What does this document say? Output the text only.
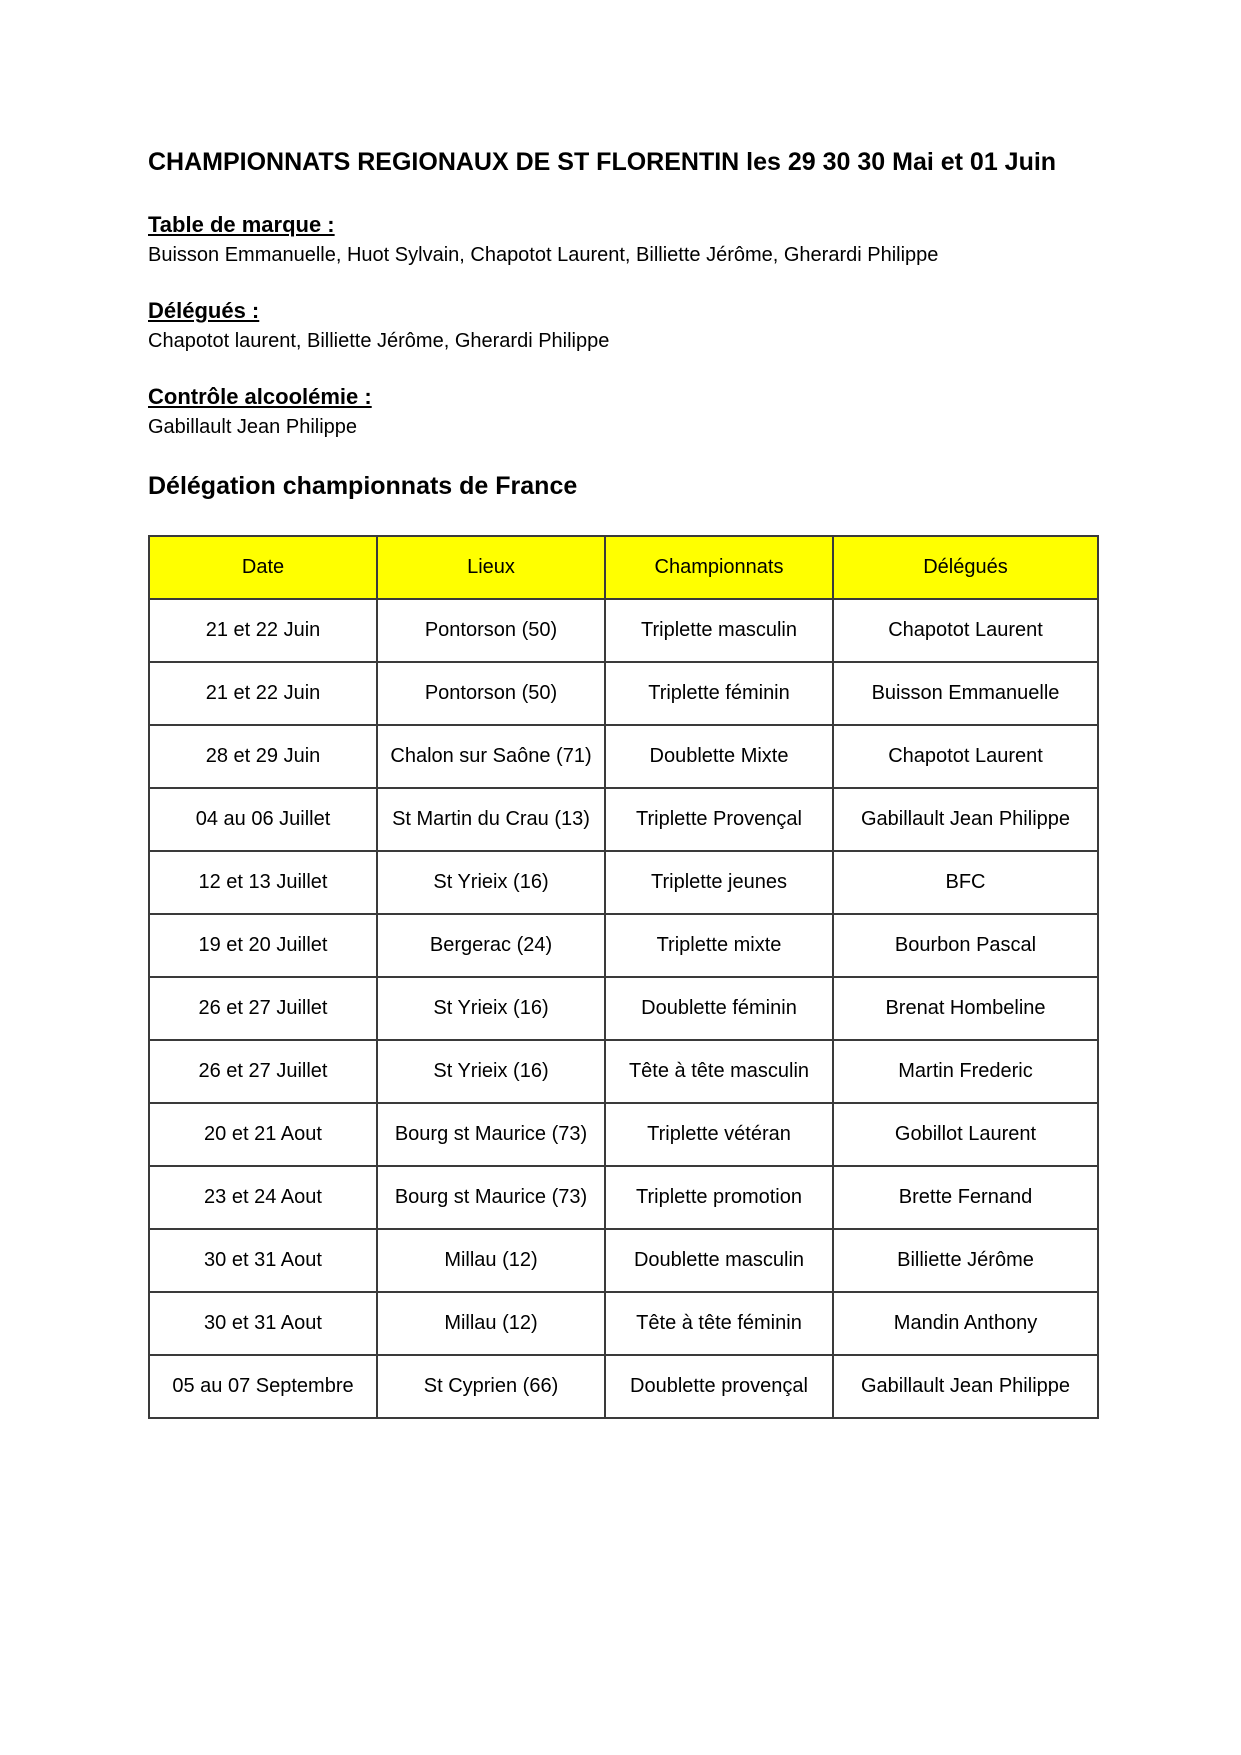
CHAMPIONNATS REGIONAUX DE ST FLORENTIN les 29 30 30 Mai et 01 Juin

Table de marque :

Buisson Emmanuelle, Huot Sylvain, Chapotot Laurent, Billiette Jérôme, Gherardi Philippe

Délégués :

Chapotot laurent, Billiette Jérôme, Gherardi Philippe

Contrôle alcoolémie :

Gabillault Jean Philippe

Délégation championnats de France
Date	Lieux	Championnats	Délégués
21 et 22 Juin	Pontorson (50)	Triplette masculin	Chapotot Laurent
21 et 22 Juin	Pontorson (50)	Triplette féminin	Buisson Emmanuelle
28 et 29 Juin	Chalon sur Saône (71)	Doublette Mixte	Chapotot Laurent
04 au 06 Juillet	St Martin du Crau (13)	Triplette Provençal	Gabillault Jean Philippe
12 et 13 Juillet	St Yrieix (16)	Triplette jeunes	BFC
19 et 20 Juillet	Bergerac (24)	Triplette mixte	Bourbon Pascal
26 et 27 Juillet	St Yrieix (16)	Doublette féminin	Brenat Hombeline
26 et 27 Juillet	St Yrieix (16)	Tête à tête masculin	Martin Frederic
20 et 21 Aout	Bourg st Maurice (73)	Triplette vétéran	Gobillot Laurent
23 et 24 Aout	Bourg st Maurice (73)	Triplette promotion	Brette Fernand
30 et 31 Aout	Millau (12)	Doublette masculin	Billiette Jérôme
30 et 31 Aout	Millau (12)	Tête à tête féminin	Mandin Anthony
05 au 07 Septembre	St Cyprien (66)	Doublette provençal	Gabillault Jean Philippe
